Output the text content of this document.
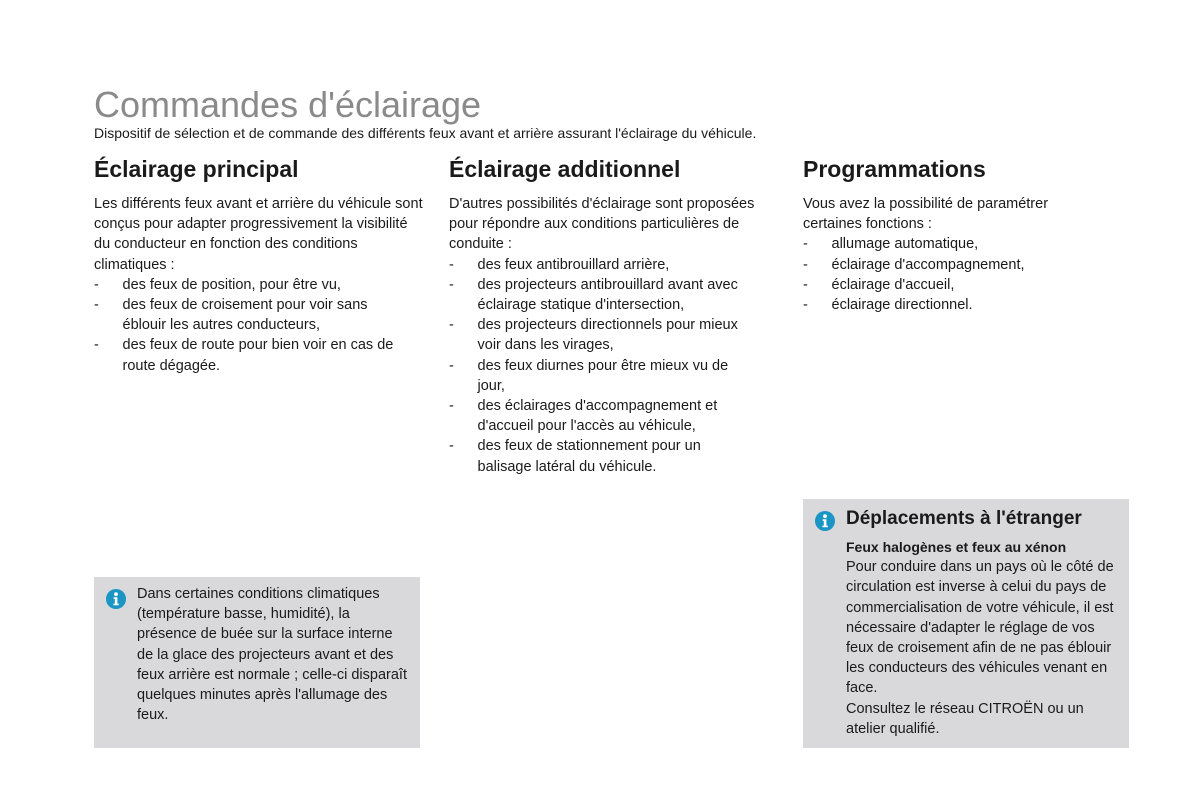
Commandes d'éclairage
Dispositif de sélection et de commande des différents feux avant et arrière assurant l'éclairage du véhicule.
Éclairage principal

Les différents feux avant et arrière du véhicule sont conçus pour adapter progressivement la visibilité du conducteur en fonction des conditions climatiques :

- des feux de position, pour être vu,
- des feux de croisement pour voir sans éblouir les autres conducteurs,
- des feux de route pour bien voir en cas de route dégagée.
Éclairage additionnel

D'autres possibilités d'éclairage sont proposées pour répondre aux conditions particulières de conduite :

- des feux antibrouillard arrière,
- des projecteurs antibrouillard avant avec éclairage statique d'intersection,
- des projecteurs directionnels pour mieux voir dans les virages,
- des feux diurnes pour être mieux vu de jour,
- des éclairages d'accompagnement et d'accueil pour l'accès au véhicule,
- des feux de stationnement pour un balisage latéral du véhicule.
Programmations

Vous avez la possibilité de paramétrer certaines fonctions :

- allumage automatique,
- éclairage d'accompagnement,
- éclairage d'accueil,
- éclairage directionnel.
Dans certaines conditions climatiques (température basse, humidité), la présence de buée sur la surface interne de la glace des projecteurs avant et des feux arrière est normale ; celle-ci disparaît quelques minutes après l'allumage des feux.
Déplacements à l'étranger
Feux halogènes et feux au xénon
Pour conduire dans un pays où le côté de circulation est inverse à celui du pays de commercialisation de votre véhicule, il est nécessaire d'adapter le réglage de vos feux de croisement afin de ne pas éblouir les conducteurs des véhicules venant en face.
Consultez le réseau CITROËN ou un atelier qualifié.
